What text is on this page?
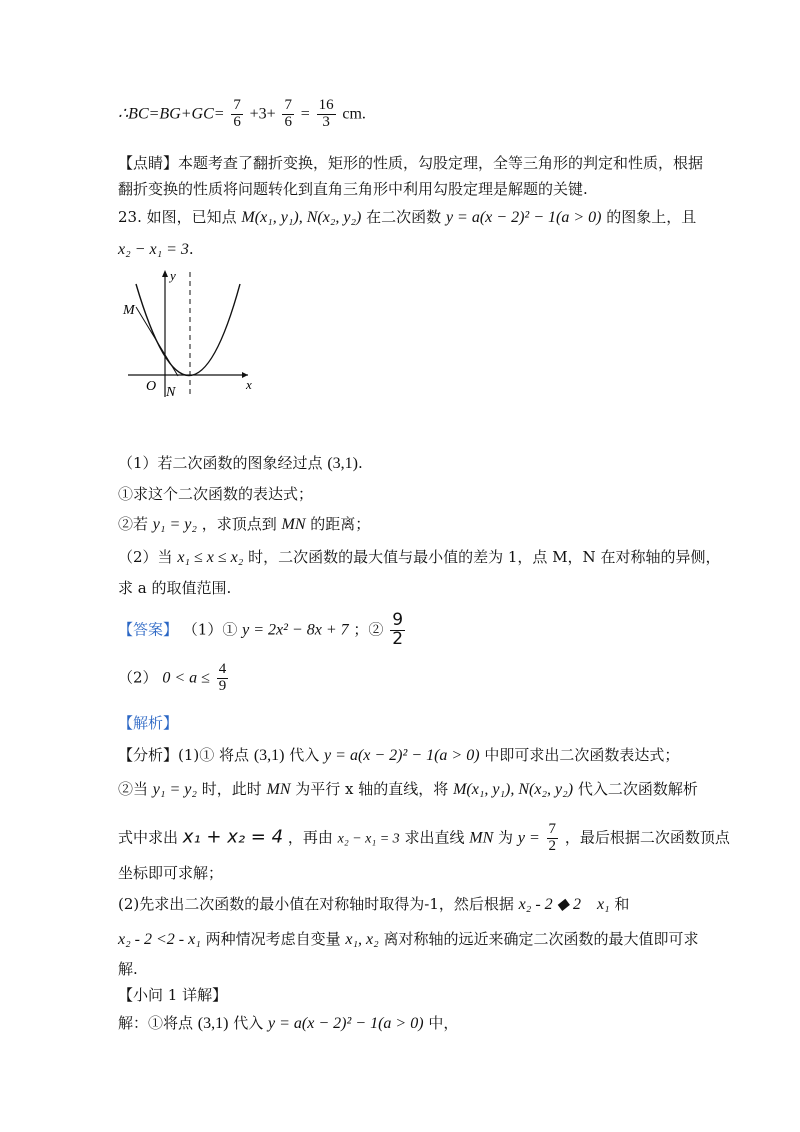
∴BC=BG+GC= $\frac{7}{6} +3+ \frac{7}{6} = \frac{16}{3}$ cm.
【点睛】本题考查了翻折变换，矩形的性质，勾股定理，全等三角形的判定和性质，根据
翻折变换的性质将问题转化到直角三角形中利用勾股定理是解题的关键.
23. 如图，已知点 M(x₁, y₁), N(x₂, y₂) 在二次函数 y = a(x − 2)² − 1(a > 0) 的图象上，且
x₂ − x₁ = 3.
y
x
O
M
N
（1）若二次函数的图象经过点 (3,1).
①求这个二次函数的表达式；
②若 y₁ = y₂ ，求顶点到 MN 的距离；
（2）当 x₁ ≤ x ≤ x₂ 时，二次函数的最大值与最小值的差为 1，点 M，N 在对称轴的异侧，
求 a 的取值范围.
【答案】 （1）① y = 2x² − 8x + 7 ；② $\frac{9}{2}$
（2） $0 < a \le \frac{4}{9}$
【解析】
【分析】(1)① 将点 (3,1) 代入 y = a(x − 2)² − 1(a > 0) 中即可求出二次函数表达式；
②当 y₁ = y₂ 时，此时 MN 为平行 x 轴的直线，将 M(x₁, y₁), N(x₂, y₂) 代入二次函数解析
式中求出 x₁ + x₂ = 4 ，再由 x₂ − x₁ = 3 求出直线 MN 为 $y = \frac{7}{2}$ ，最后根据二次函数顶点
坐标即可求解；
(2)先求出二次函数的最小值在对称轴时取得为-1，然后根据 x₂ - 2 ◆ 2    x₁ 和
x₂ - 2 <2 - x₁ 两种情况考虑自变量 x₁, x₂ 离对称轴的远近来确定二次函数的最大值即可求
解.
【小问 1 详解】
解：①将点 (3,1) 代入 y = a(x − 2)² − 1(a > 0) 中，
